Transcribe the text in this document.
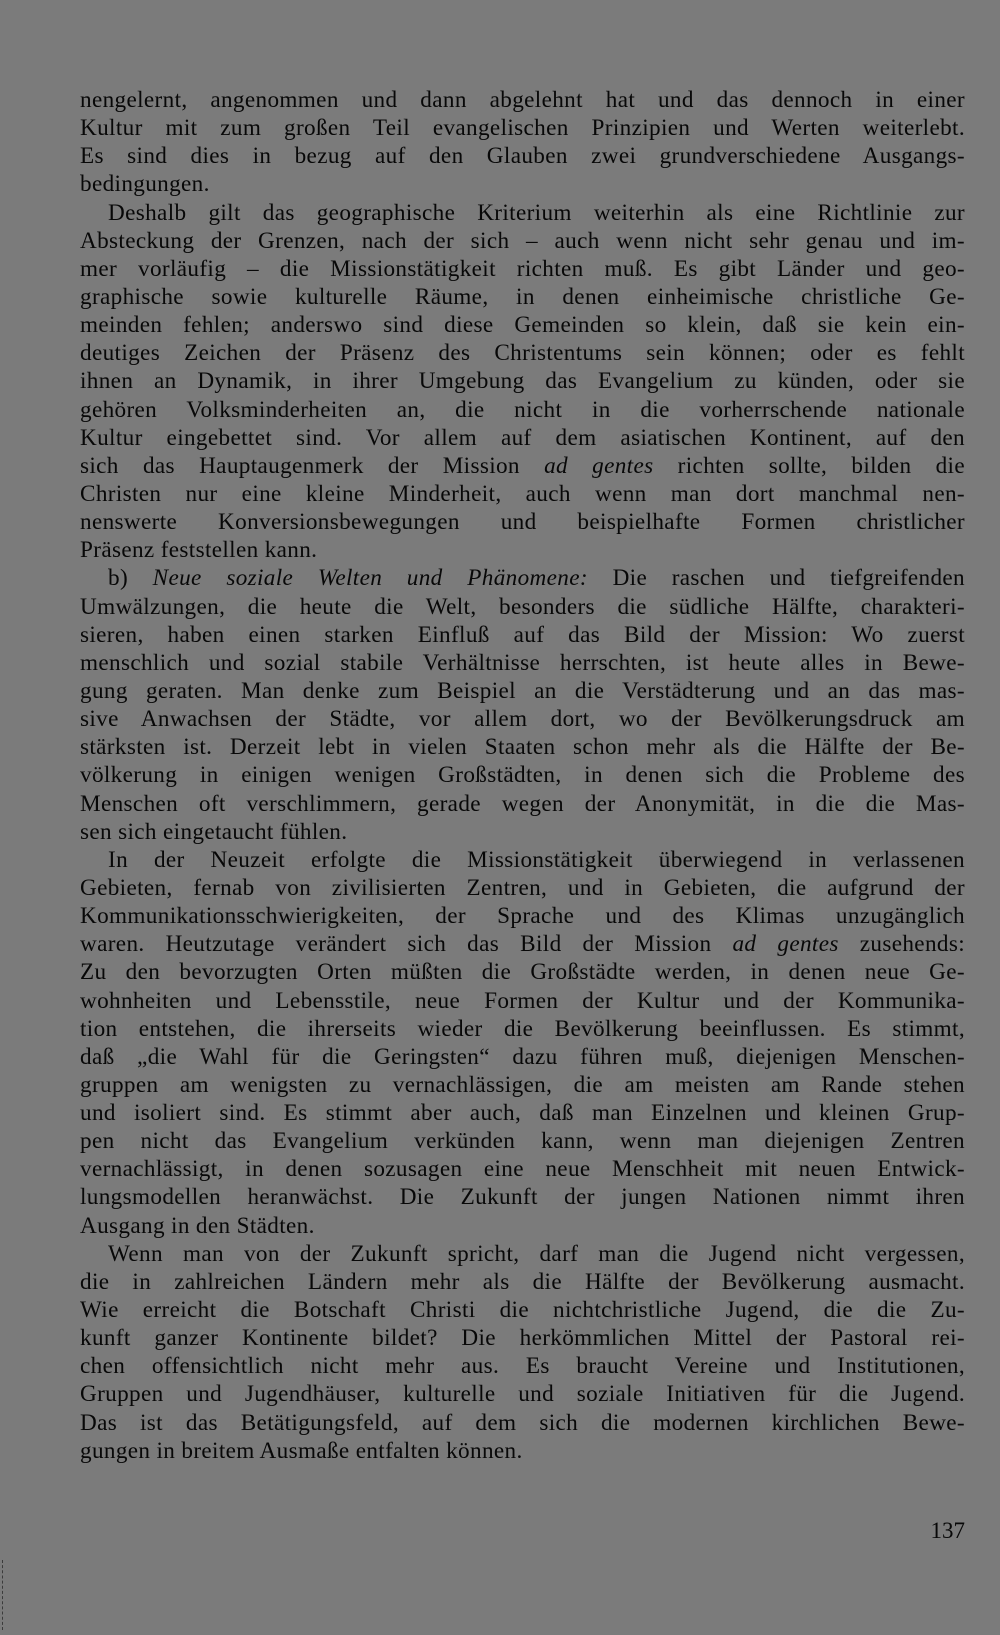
nengelernt, angenommen und dann abgelehnt hat und das dennoch in einer
Kultur mit zum großen Teil evangelischen Prinzipien und Werten weiterlebt.
Es sind dies in bezug auf den Glauben zwei grundverschiedene Ausgangs-
bedingungen.
Deshalb gilt das geographische Kriterium weiterhin als eine Richtlinie zur
Absteckung der Grenzen, nach der sich – auch wenn nicht sehr genau und im-
mer vorläufig – die Missionstätigkeit richten muß. Es gibt Länder und geo-
graphische sowie kulturelle Räume, in denen einheimische christliche Ge-
meinden fehlen; anderswo sind diese Gemeinden so klein, daß sie kein ein-
deutiges Zeichen der Präsenz des Christentums sein können; oder es fehlt
ihnen an Dynamik, in ihrer Umgebung das Evangelium zu künden, oder sie
gehören Volksminderheiten an, die nicht in die vorherrschende nationale
Kultur eingebettet sind. Vor allem auf dem asiatischen Kontinent, auf den
sich das Hauptaugenmerk der Mission ad gentes richten sollte, bilden die
Christen nur eine kleine Minderheit, auch wenn man dort manchmal nen-
nenswerte Konversionsbewegungen und beispielhafte Formen christlicher
Präsenz feststellen kann.
b) Neue soziale Welten und Phänomene: Die raschen und tiefgreifenden
Umwälzungen, die heute die Welt, besonders die südliche Hälfte, charakteri-
sieren, haben einen starken Einfluß auf das Bild der Mission: Wo zuerst
menschlich und sozial stabile Verhältnisse herrschten, ist heute alles in Bewe-
gung geraten. Man denke zum Beispiel an die Verstädterung und an das mas-
sive Anwachsen der Städte, vor allem dort, wo der Bevölkerungsdruck am
stärksten ist. Derzeit lebt in vielen Staaten schon mehr als die Hälfte der Be-
völkerung in einigen wenigen Großstädten, in denen sich die Probleme des
Menschen oft verschlimmern, gerade wegen der Anonymität, in die die Mas-
sen sich eingetaucht fühlen.
In der Neuzeit erfolgte die Missionstätigkeit überwiegend in verlassenen
Gebieten, fernab von zivilisierten Zentren, und in Gebieten, die aufgrund der
Kommunikationsschwierigkeiten, der Sprache und des Klimas unzugänglich
waren. Heutzutage verändert sich das Bild der Mission ad gentes zusehends:
Zu den bevorzugten Orten müßten die Großstädte werden, in denen neue Ge-
wohnheiten und Lebensstile, neue Formen der Kultur und der Kommunika-
tion entstehen, die ihrerseits wieder die Bevölkerung beeinflussen. Es stimmt,
daß „die Wahl für die Geringsten“ dazu führen muß, diejenigen Menschen-
gruppen am wenigsten zu vernachlässigen, die am meisten am Rande stehen
und isoliert sind. Es stimmt aber auch, daß man Einzelnen und kleinen Grup-
pen nicht das Evangelium verkünden kann, wenn man diejenigen Zentren
vernachlässigt, in denen sozusagen eine neue Menschheit mit neuen Entwick-
lungsmodellen heranwächst. Die Zukunft der jungen Nationen nimmt ihren
Ausgang in den Städten.
Wenn man von der Zukunft spricht, darf man die Jugend nicht vergessen,
die in zahlreichen Ländern mehr als die Hälfte der Bevölkerung ausmacht.
Wie erreicht die Botschaft Christi die nichtchristliche Jugend, die die Zu-
kunft ganzer Kontinente bildet? Die herkömmlichen Mittel der Pastoral rei-
chen offensichtlich nicht mehr aus. Es braucht Vereine und Institutionen,
Gruppen und Jugendhäuser, kulturelle und soziale Initiativen für die Jugend.
Das ist das Betätigungsfeld, auf dem sich die modernen kirchlichen Bewe-
gungen in breitem Ausmaße entfalten können.
137
